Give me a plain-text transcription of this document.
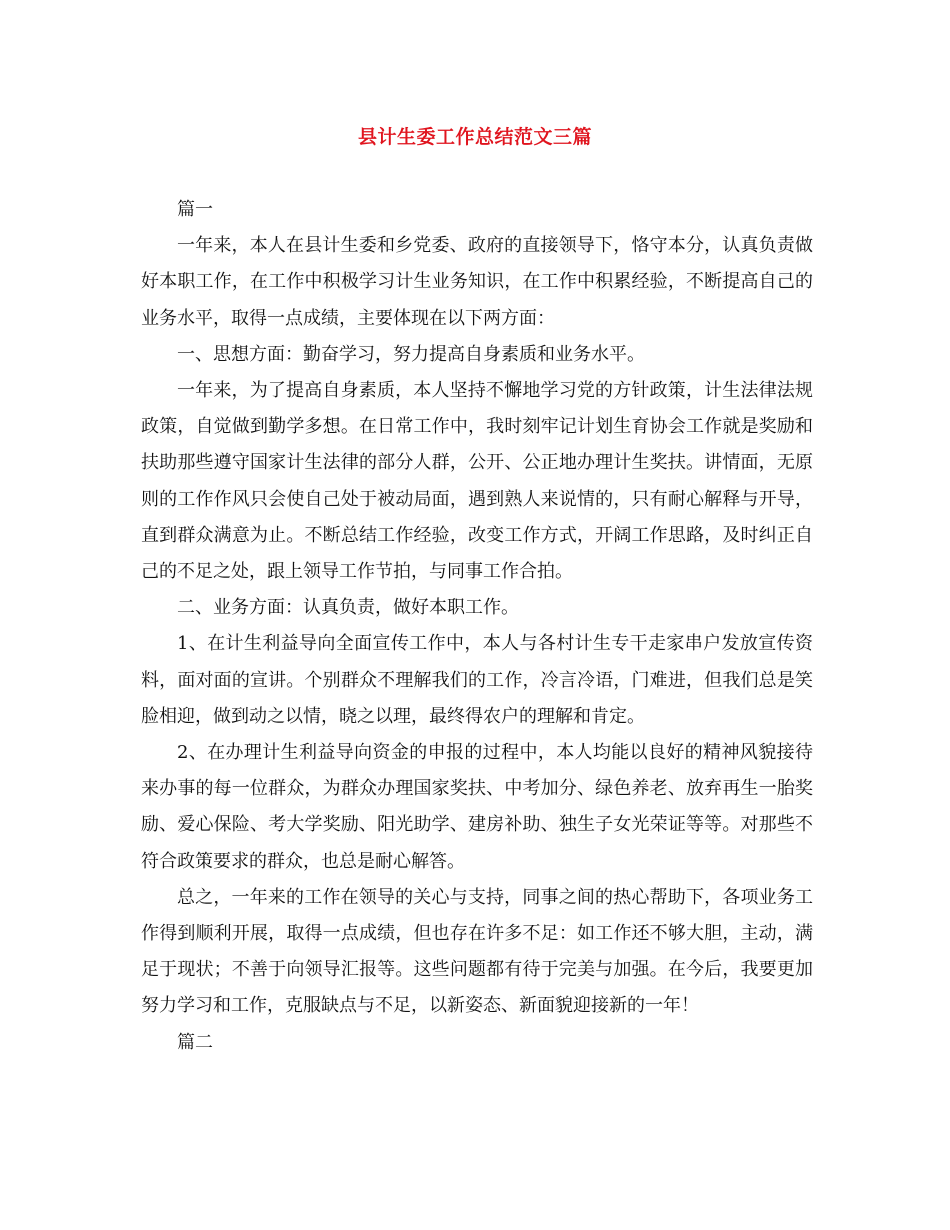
县计生委工作总结范文三篇

篇一

一年来，本人在县计生委和乡党委、政府的直接领导下，恪守本分，认真负责做好本职工作，在工作中积极学习计生业务知识，在工作中积累经验，不断提高自己的业务水平，取得一点成绩，主要体现在以下两方面：

一、思想方面：勤奋学习，努力提高自身素质和业务水平。

一年来，为了提高自身素质，本人坚持不懈地学习党的方针政策，计生法律法规政策，自觉做到勤学多想。在日常工作中，我时刻牢记计划生育协会工作就是奖励和扶助那些遵守国家计生法律的部分人群，公开、公正地办理计生奖扶。讲情面，无原则的工作作风只会使自己处于被动局面，遇到熟人来说情的，只有耐心解释与开导，直到群众满意为止。不断总结工作经验，改变工作方式，开阔工作思路，及时纠正自己的不足之处，跟上领导工作节拍，与同事工作合拍。

二、业务方面：认真负责，做好本职工作。

1、在计生利益导向全面宣传工作中，本人与各村计生专干走家串户发放宣传资料，面对面的宣讲。个别群众不理解我们的工作，冷言冷语，门难进，但我们总是笑脸相迎，做到动之以情，晓之以理，最终得农户的理解和肯定。

2、在办理计生利益导向资金的申报的过程中，本人均能以良好的精神风貌接待来办事的每一位群众，为群众办理国家奖扶、中考加分、绿色养老、放弃再生一胎奖励、爱心保险、考大学奖励、阳光助学、建房补助、独生子女光荣证等等。对那些不符合政策要求的群众，也总是耐心解答。

总之，一年来的工作在领导的关心与支持，同事之间的热心帮助下，各项业务工作得到顺利开展，取得一点成绩，但也存在许多不足：如工作还不够大胆，主动，满足于现状；不善于向领导汇报等。这些问题都有待于完美与加强。在今后，我要更加努力学习和工作，克服缺点与不足，以新姿态、新面貌迎接新的一年！

篇二
